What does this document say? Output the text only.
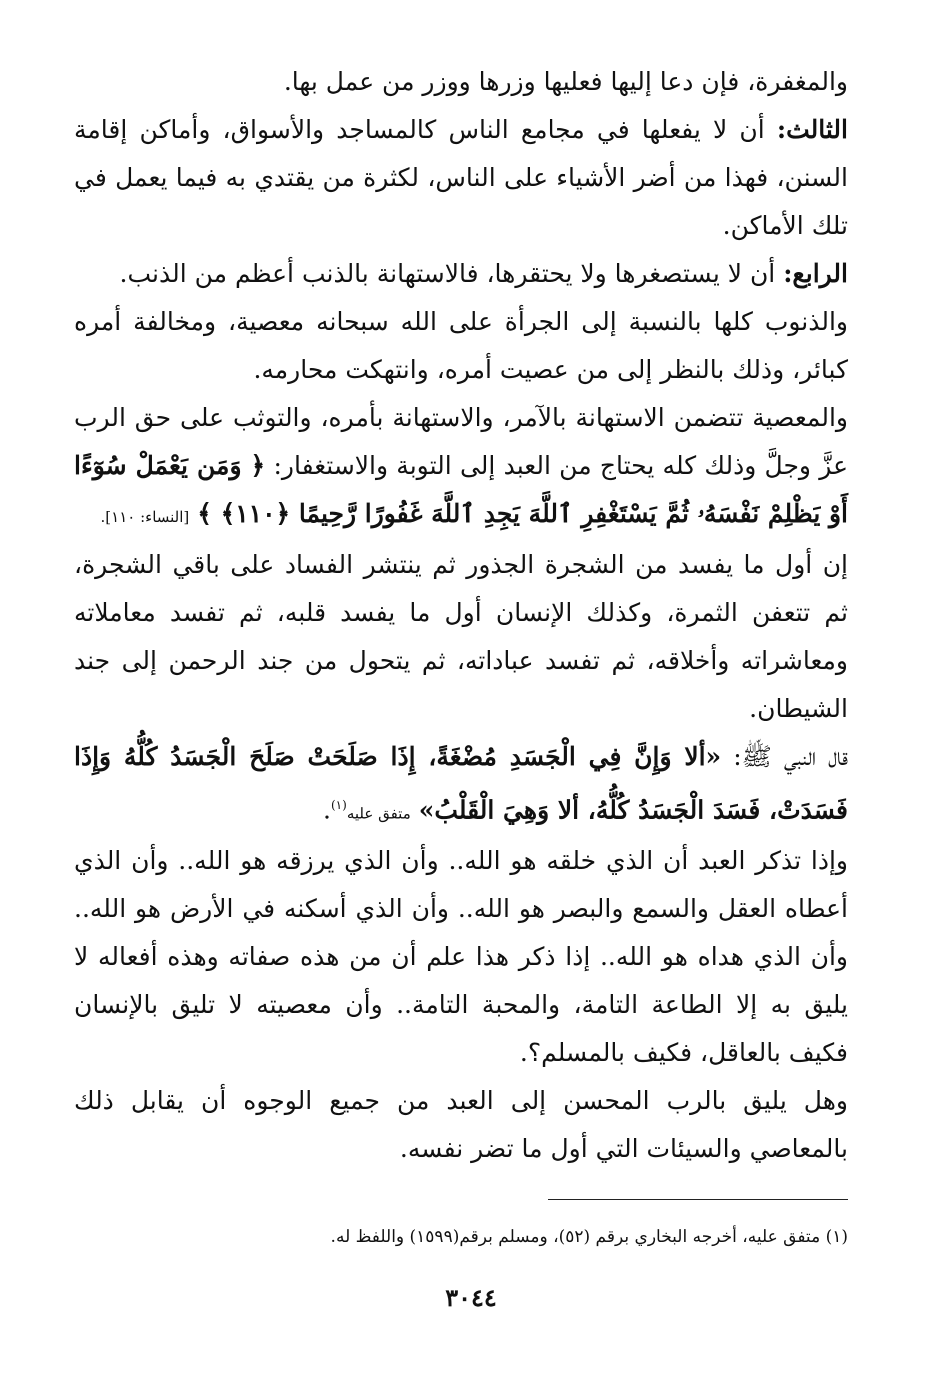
والمغفرة، فإن دعا إليها فعليها وزرها ووزر من عمل بها.

الثالث: أن لا يفعلها في مجامع الناس كالمساجد والأسواق، وأماكن إقامة السنن، فهذا من أضر الأشياء على الناس، لكثرة من يقتدي به فيما يعمل في تلك الأماكن.

الرابع: أن لا يستصغرها ولا يحتقرها، فالاستهانة بالذنب أعظم من الذنب.

والذنوب كلها بالنسبة إلى الجرأة على الله سبحانه معصية، ومخالفة أمره كبائر، وذلك بالنظر إلى من عصيت أمره، وانتهكت محارمه.

والمعصية تتضمن الاستهانة بالآمر، والاستهانة بأمره، والتوثب على حق الرب عزَّ وجلَّ وذلك كله يحتاج من العبد إلى التوبة والاستغفار: ﴿ وَمَن يَعْمَلْ سُوٓءًا أَوْ يَظْلِمْ نَفْسَهُۥ ثُمَّ يَسْتَغْفِرِ ٱللَّهَ يَجِدِ ٱللَّهَ غَفُورًا رَّحِيمًا ﴿١١٠﴾ ﴾ [النساء: ١١٠].

إن أول ما يفسد من الشجرة الجذور ثم ينتشر الفساد على باقي الشجرة، ثم تتعفن الثمرة، وكذلك الإنسان أول ما يفسد قلبه، ثم تفسد معاملاته ومعاشراته وأخلاقه، ثم تفسد عباداته، ثم يتحول من جند الرحمن إلى جند الشيطان.

قال النبي ﷺ: «ألا وَإِنَّ فِي الْجَسَدِ مُضْغَةً، إِذَا صَلَحَتْ صَلَحَ الْجَسَدُ كُلُّهُ وَإِذَا فَسَدَتْ، فَسَدَ الْجَسَدُ كُلُّهُ، ألا وَهِيَ الْقَلْبُ» متفق عليه$^{(١)}$.

وإذا تذكر العبد أن الذي خلقه هو الله.. وأن الذي يرزقه هو الله.. وأن الذي أعطاه العقل والسمع والبصر هو الله.. وأن الذي أسكنه في الأرض هو الله.. وأن الذي هداه هو الله.. إذا ذكر هذا علم أن من هذه صفاته وهذه أفعاله لا يليق به إلا الطاعة التامة، والمحبة التامة.. وأن معصيته لا تليق بالإنسان فكيف بالعاقل، فكيف بالمسلم؟.

وهل يليق بالرب المحسن إلى العبد من جميع الوجوه أن يقابل ذلك بالمعاصي والسيئات التي أول ما تضر نفسه.

(١) متفق عليه، أخرجه البخاري برقم (٥٢)، ومسلم برقم(١٥٩٩) واللفظ له.
٣٠٤٤
